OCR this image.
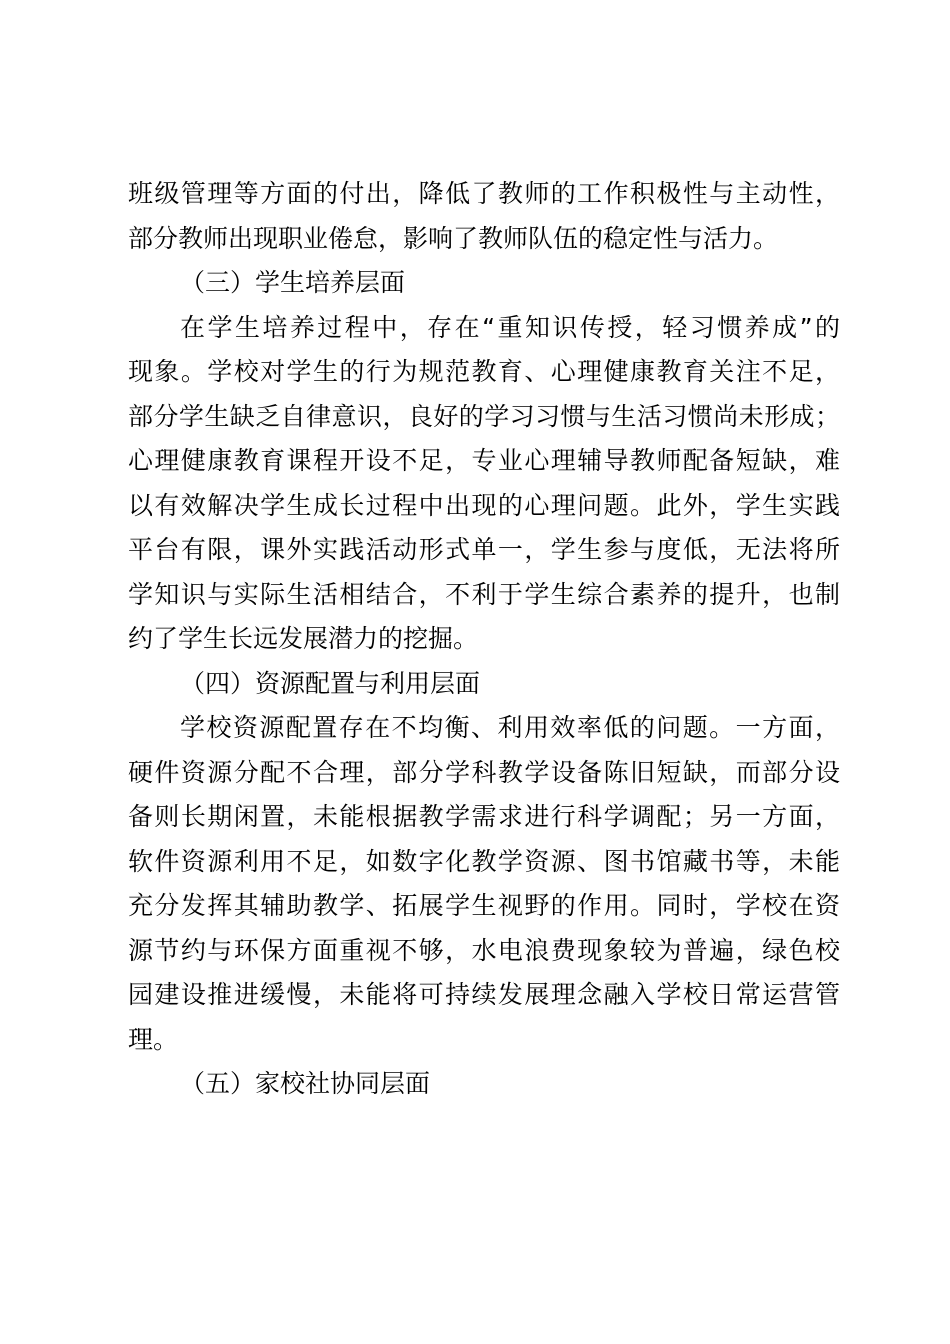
班级管理等方面的付出，降低了教师的工作积极性与主动性，
部分教师出现职业倦怠，影响了教师队伍的稳定性与活力。
（三）学生培养层面
在学生培养过程中，存在“重知识传授，轻习惯养成”的
现象。学校对学生的行为规范教育、心理健康教育关注不足，
部分学生缺乏自律意识，良好的学习习惯与生活习惯尚未形成；
心理健康教育课程开设不足，专业心理辅导教师配备短缺，难
以有效解决学生成长过程中出现的心理问题。此外，学生实践
平台有限，课外实践活动形式单一，学生参与度低，无法将所
学知识与实际生活相结合，不利于学生综合素养的提升，也制
约了学生长远发展潜力的挖掘。
（四）资源配置与利用层面
学校资源配置存在不均衡、利用效率低的问题。一方面，
硬件资源分配不合理，部分学科教学设备陈旧短缺，而部分设
备则长期闲置，未能根据教学需求进行科学调配；另一方面，
软件资源利用不足，如数字化教学资源、图书馆藏书等，未能
充分发挥其辅助教学、拓展学生视野的作用。同时，学校在资
源节约与环保方面重视不够，水电浪费现象较为普遍，绿色校
园建设推进缓慢，未能将可持续发展理念融入学校日常运营管
理。
（五）家校社协同层面
